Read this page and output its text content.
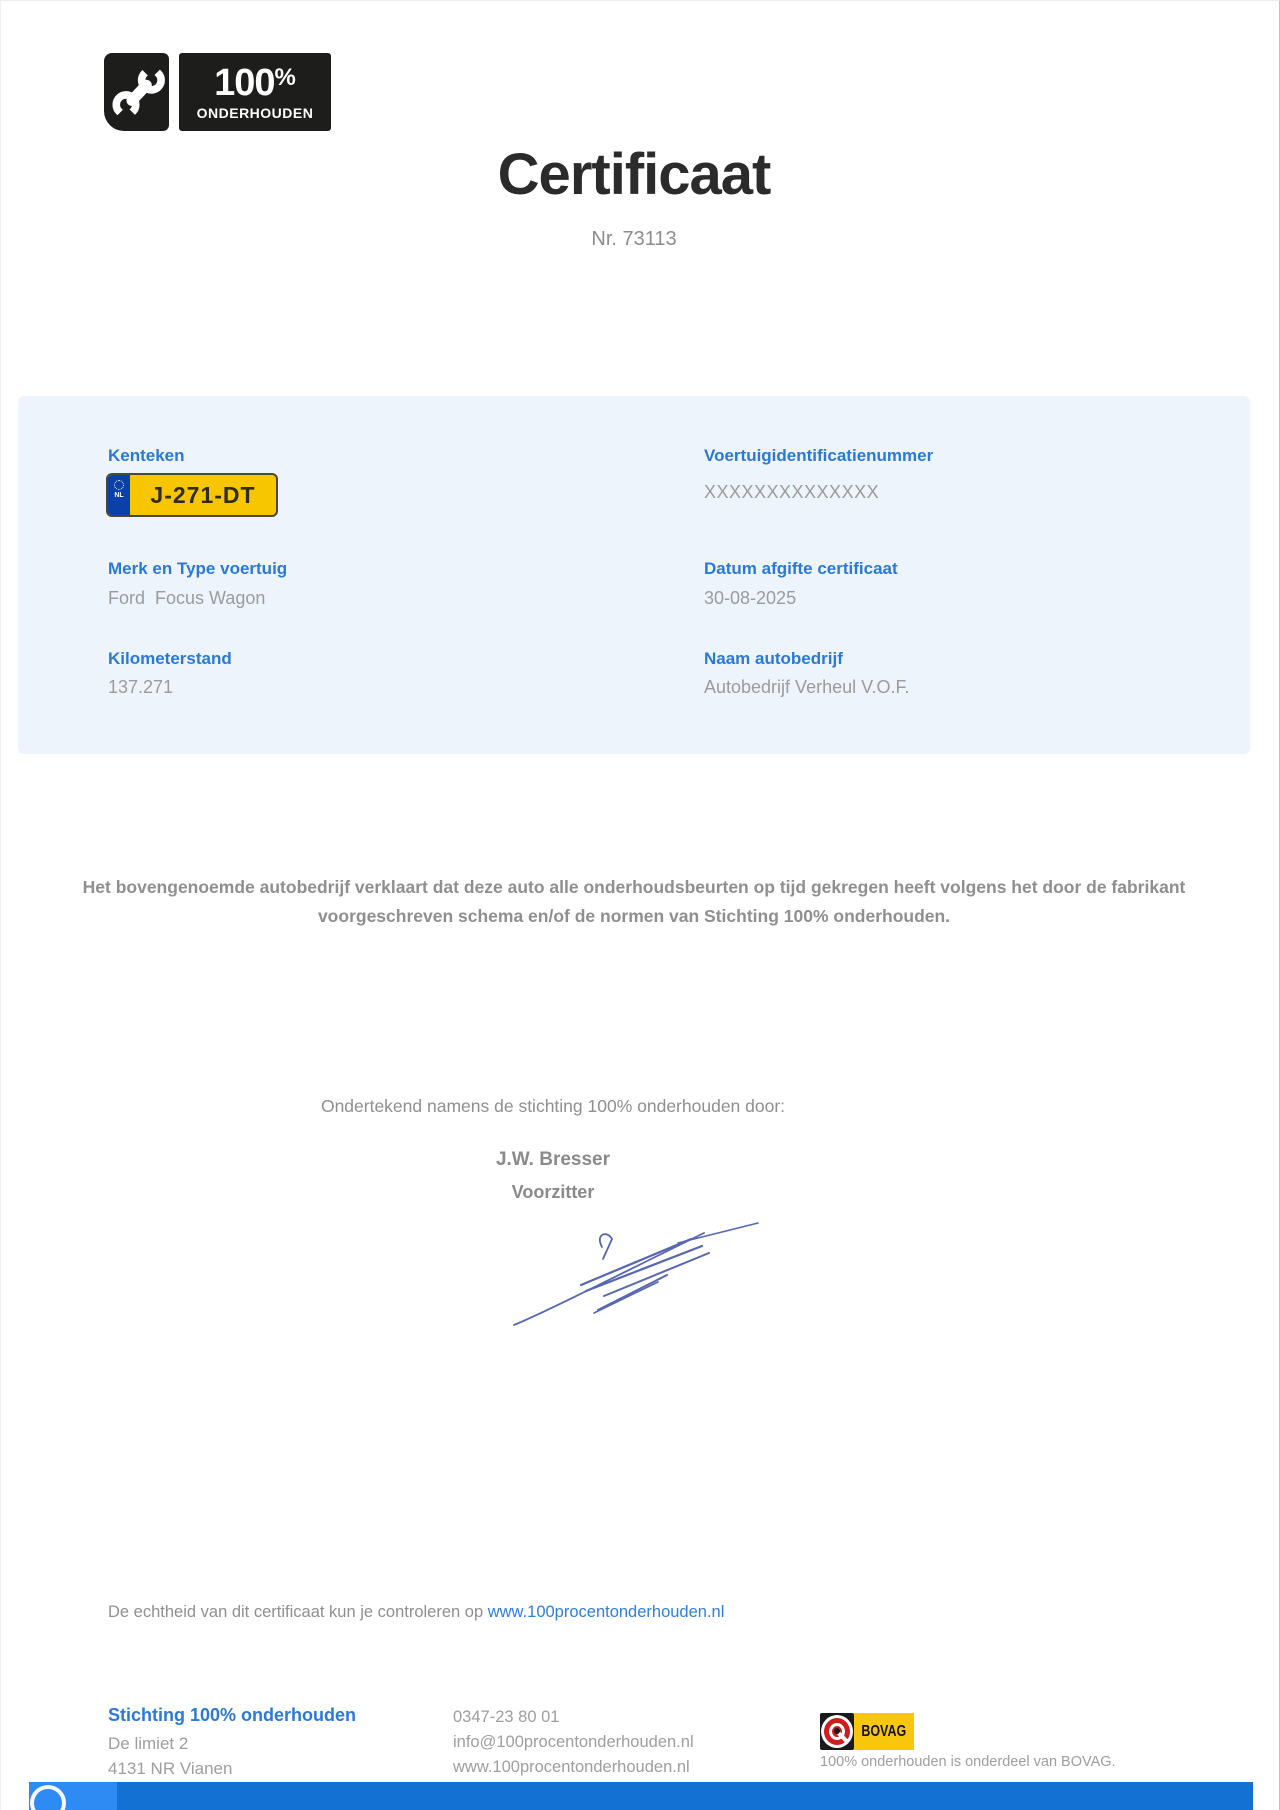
100%
ONDERHOUDEN
Certificaat
Nr. 73113
Kenteken
NL	J-271-DT
Voertuigidentificatienummer
XXXXXXXXXXXXXX
Merk en Type voertuig
Ford  Focus Wagon
Datum afgifte certificaat
30-08-2025
Kilometerstand
137.271
Naam autobedrijf
Autobedrijf Verheul V.O.F.
Het bovengenoemde autobedrijf verklaart dat deze auto alle onderhoudsbeurten op tijd gekregen heeft volgens het door de fabrikant
voorgeschreven schema en/of de normen van Stichting 100% onderhouden.
Ondertekend namens de stichting 100% onderhouden door:
J.W. Bresser
Voorzitter
De echtheid van dit certificaat kun je controleren op www.100procentonderhouden.nl
Stichting 100% onderhouden
De limiet 2
4131 NR Vianen
0347-23 80 01
info@100procentonderhouden.nl
www.100procentonderhouden.nl
BOVAG
100% onderhouden is onderdeel van BOVAG.
